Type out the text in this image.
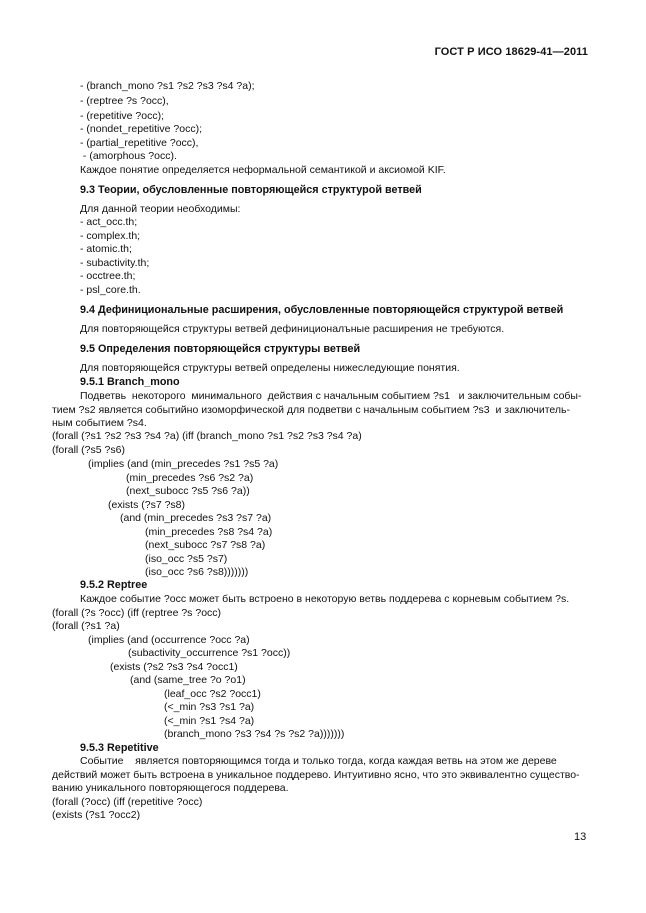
ГОСТ Р ИСО 18629-41—2011
- (branch_mono ?s1 ?s2 ?s3 ?s4 ?a);
- (reptree ?s ?occ),
- (repetitive ?occ);
- (nondet_repetitive ?occ);
- (partial_repetitive ?occ),
- (amorphous ?occ).
Каждое понятие определяется неформальной семантикой и аксиомой KIF.
9.3 Теории, обусловленные повторяющейся структурой ветвей
Для данной теории необходимы:
- act_occ.th;
- complex.th;
- atomic.th;
- subactivity.th;
- occtree.th;
- psl_core.th.
9.4 Дефинициональные расширения, обусловленные повторяющейся структурой ветвей
Для повторяющейся структуры ветвей дефиниционалъные расширения не требуются.
9.5 Определения повторяющейся структуры ветвей
Для повторяющейся структуры ветвей определены нижеследующие понятия.
9.5.1 Branch_mono
Подветвь  некоторого  минимального  действия с начальным событием ?s1   и заключительным собы-
тием ?s2 является событийно изоморфической для подветви с начальным событием ?s3  и заключитель-
ным событием ?s4.
(forall (?s1 ?s2 ?s3 ?s4 ?a) (iff (branch_mono ?s1 ?s2 ?s3 ?s4 ?a)
(forall (?s5 ?s6)
(implies (and (min_precedes ?s1 ?s5 ?a)
(min_precedes ?s6 ?s2 ?a)
(next_subocc ?s5 ?s6 ?a))
(exists (?s7 ?s8)
(and (min_precedes ?s3 ?s7 ?a)
(min_precedes ?s8 ?s4 ?a)
(next_subocc ?s7 ?s8 ?a)
(iso_occ ?s5 ?s7)
(iso_occ ?s6 ?s8)))))))
9.5.2 Reptree
Каждое событие ?occ может быть встроено в некоторую ветвь поддерева с корневым событием ?s.
(forall (?s ?occ) (iff (reptree ?s ?occ)
(forall (?s1 ?a)
(implies (and (occurrence ?occ ?a)
(subactivity_occurrence ?s1 ?occ))
(exists (?s2 ?s3 ?s4 ?occ1)
(and (same_tree ?o ?o1)
(leaf_occ ?s2 ?occ1)
(<_min ?s3 ?s1 ?a)
(<_min ?s1 ?s4 ?a)
(branch_mono ?s3 ?s4 ?s ?s2 ?a)))))))
9.5.3 Repetitive
Событие    является повторяющимся тогда и только тогда, когда каждая ветвь на этом же дереве
действий может быть встроена в уникальное поддерево. Интуитивно ясно, что это эквивалентно существо-
ванию уникального повторяющегося поддерева.
(forall (?occ) (iff (repetitive ?occ)
(exists (?s1 ?occ2)
13
